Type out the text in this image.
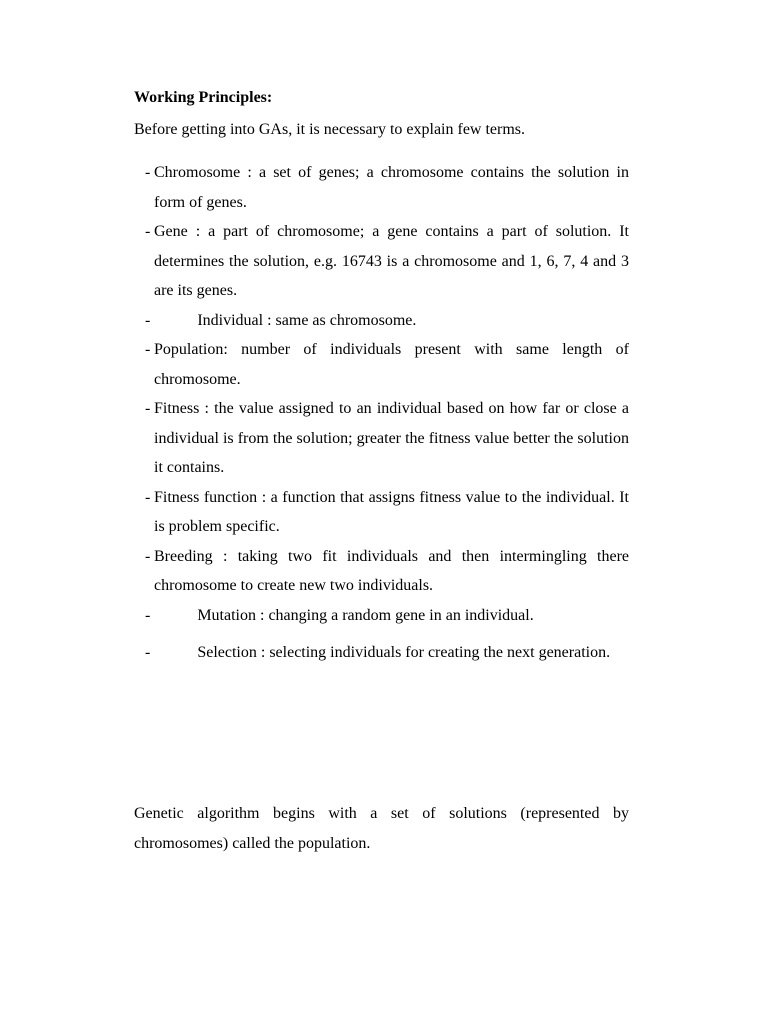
Working Principles:
Before getting into GAs, it is necessary to explain few terms.
- Chromosome : a set of genes; a chromosome contains the solution in form of genes.
- Gene : a part of chromosome; a gene contains a part of solution. It determines the solution, e.g. 16743 is a chromosome and 1, 6, 7, 4 and 3 are its genes.
-	Individual : same as chromosome.
- Population: number of individuals present with same length of chromosome.
- Fitness : the value assigned to an individual based on how far or close a individual is from the solution; greater the fitness value better the solution it contains.
- Fitness function : a function that assigns fitness value to the individual. It is problem specific.
- Breeding : taking two fit individuals and then intermingling there chromosome to create new two individuals.
-	Mutation : changing a random gene in an individual.
-	Selection : selecting individuals for creating the next generation.
Genetic algorithm begins with a set of solutions (represented by chromosomes) called the population.
